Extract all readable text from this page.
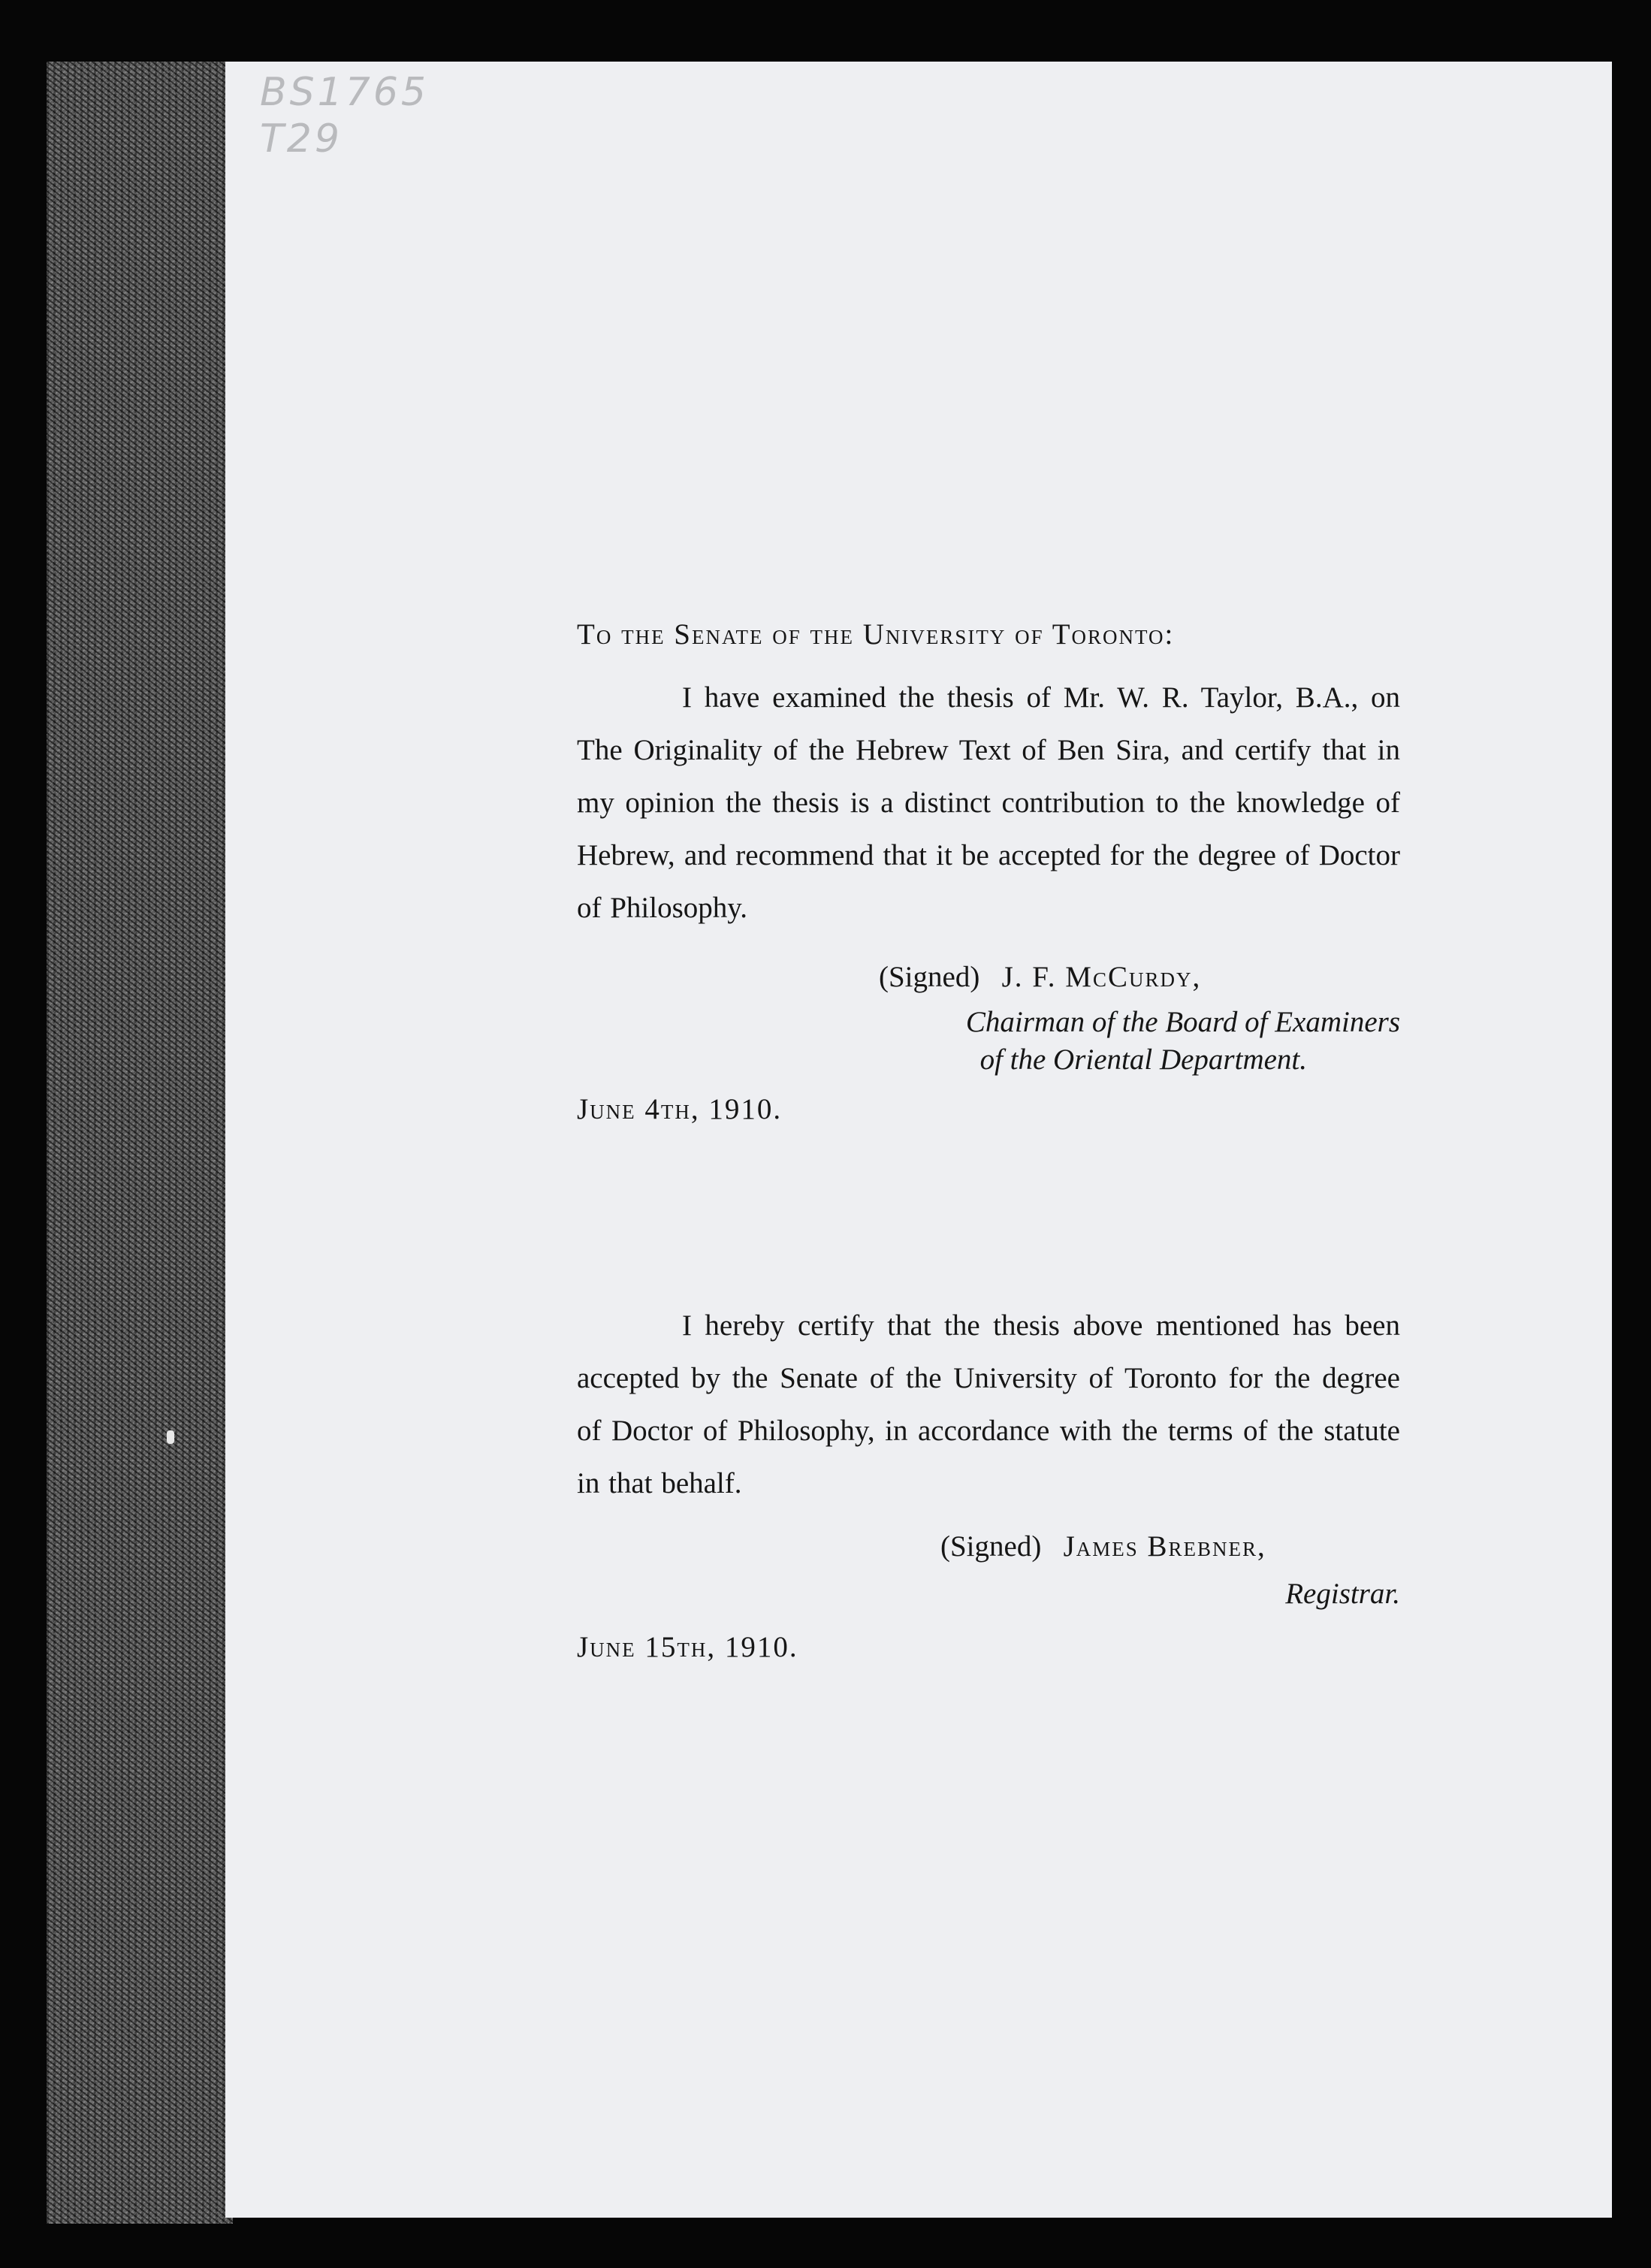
BS1765
T29
To the Senate of the University of Toronto:

I have examined the thesis of Mr. W. R. Taylor, B.A., on The Originality of the Hebrew Text of Ben Sira, and certify that in my opinion the thesis is a distinct contribution to the knowledge of Hebrew, and recommend that it be accepted for the degree of Doctor of Philosophy.

(Signed) J. F. McCurdy,
Chairman of the Board of Examiners
of the Oriental Department.
June 4th, 1910.

I hereby certify that the thesis above mentioned has been accepted by the Senate of the University of Toronto for the degree of Doctor of Philosophy, in accordance with the terms of the statute in that behalf.

(Signed) James Brebner,
Registrar.
June 15th, 1910.
